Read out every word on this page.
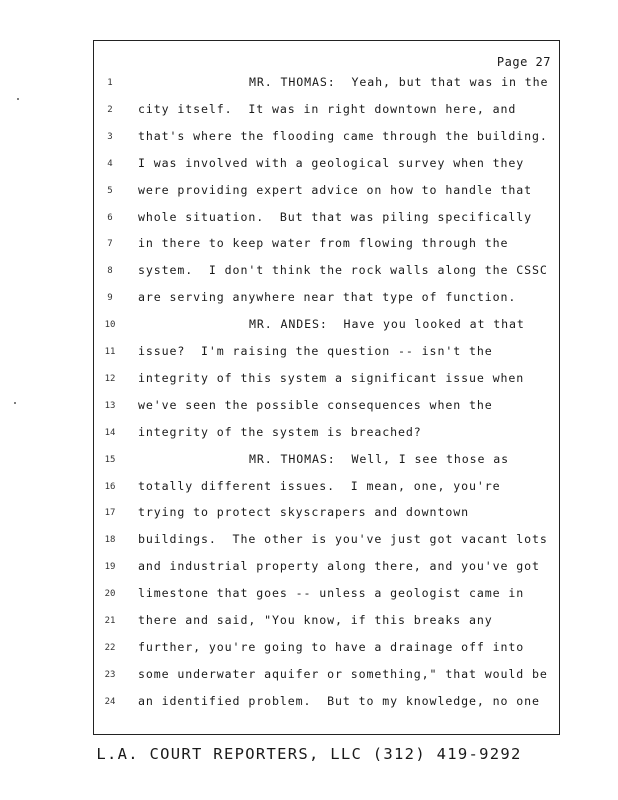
Page 27
1	MR. THOMAS:  Yeah, but that was in the
2	city itself.  It was in right downtown here, and
3	that's where the flooding came through the building.
4	I was involved with a geological survey when they
5	were providing expert advice on how to handle that
6	whole situation.  But that was piling specifically
7	in there to keep water from flowing through the
8	system.  I don't think the rock walls along the CSSC
9	are serving anywhere near that type of function.
10	MR. ANDES:  Have you looked at that
11	issue?  I'm raising the question -- isn't the
12	integrity of this system a significant issue when
13	we've seen the possible consequences when the
14	integrity of the system is breached?
15	MR. THOMAS:  Well, I see those as
16	totally different issues.  I mean, one, you're
17	trying to protect skyscrapers and downtown
18	buildings.  The other is you've just got vacant lots
19	and industrial property along there, and you've got
20	limestone that goes -- unless a geologist came in
21	there and said, "You know, if this breaks any
22	further, you're going to have a drainage off into
23	some underwater aquifer or something," that would be
24	an identified problem.  But to my knowledge, no one
L.A. COURT REPORTERS, LLC (312) 419-9292
